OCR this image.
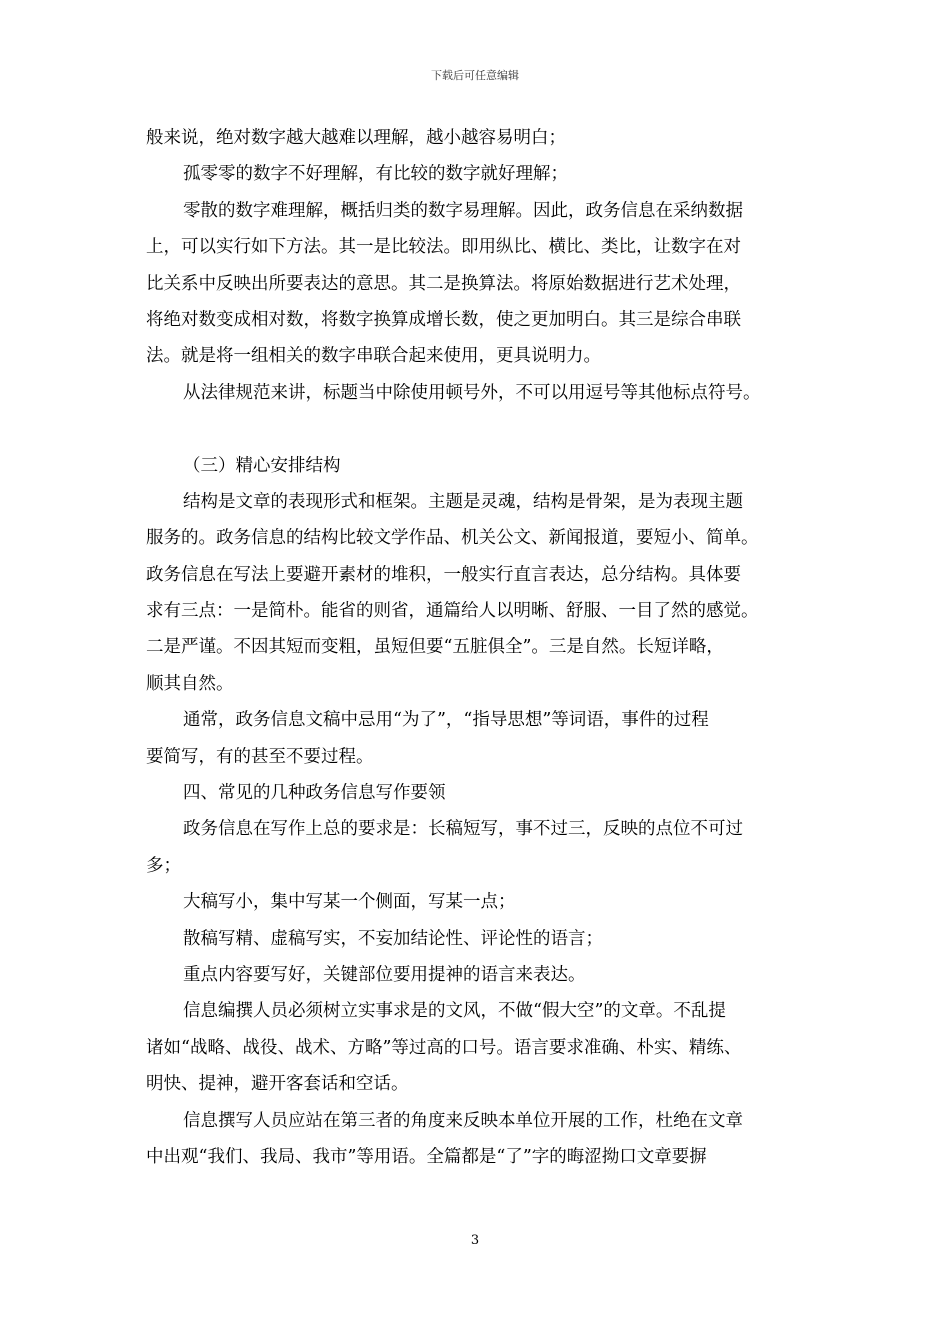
下载后可任意编辑
般来说，绝对数字越大越难以理解，越小越容易明白；
孤零零的数字不好理解，有比较的数字就好理解；
零散的数字难理解，概括归类的数字易理解。因此，政务信息在采纳数据
上，可以实行如下方法。其一是比较法。即用纵比、横比、类比，让数字在对
比关系中反映出所要表达的意思。其二是换算法。将原始数据进行艺术处理，
将绝对数变成相对数，将数字换算成增长数，使之更加明白。其三是综合串联
法。就是将一组相关的数字串联合起来使用，更具说明力。
从法律规范来讲，标题当中除使用顿号外，不可以用逗号等其他标点符号。
（三）精心安排结构
结构是文章的表现形式和框架。主题是灵魂，结构是骨架，是为表现主题
服务的。政务信息的结构比较文学作品、机关公文、新闻报道，要短小、简单。
政务信息在写法上要避开素材的堆积，一般实行直言表达，总分结构。具体要
求有三点：一是简朴。能省的则省，通篇给人以明晰、舒服、一目了然的感觉。
二是严谨。不因其短而变粗，虽短但要“五脏俱全”。三是自然。长短详略，
顺其自然。
通常，政务信息文稿中忌用“为了”，“指导思想”等词语，事件的过程
要简写，有的甚至不要过程。
四、常见的几种政务信息写作要领
政务信息在写作上总的要求是：长稿短写，事不过三，反映的点位不可过
多；
大稿写小，集中写某一个侧面，写某一点；
散稿写精、虚稿写实，不妄加结论性、评论性的语言；
重点内容要写好，关键部位要用提神的语言来表达。
信息编撰人员必须树立实事求是的文风，不做“假大空”的文章。不乱提
诸如“战略、战役、战术、方略”等过高的口号。语言要求准确、朴实、精练、
明快、提神，避开客套话和空话。
信息撰写人员应站在第三者的角度来反映本单位开展的工作，杜绝在文章
中出观“我们、我局、我市”等用语。全篇都是“了”字的晦涩拗口文章要摒
3
